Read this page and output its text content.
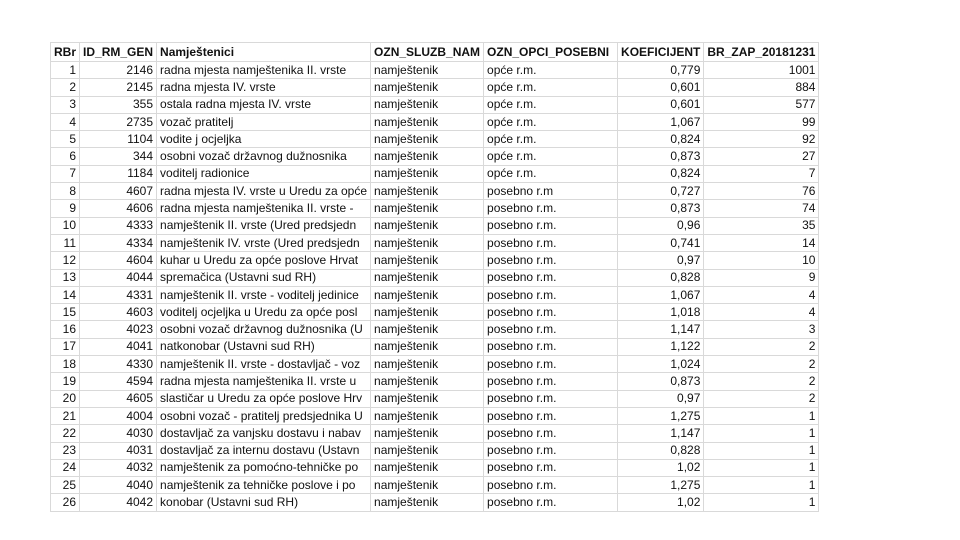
RBr	ID_RM_GEN	Namještenici	OZN_SLUZB_NAM	OZN_OPCI_POSEBNI	KOEFICIJENT	BR_ZAP_20181231
1	2146	radna mjesta namještenika II. vrste	namještenik	opće r.m.	0,779	1001
2	2145	radna mjesta IV. vrste	namještenik	opće r.m.	0,601	884
3	355	ostala radna mjesta IV. vrste	namještenik	opće r.m.	0,601	577
4	2735	vozač pratitelj	namještenik	opće r.m.	1,067	99
5	1104	vodite j ocjeljka	namještenik	opće r.m.	0,824	92
6	344	osobni vozač državnog dužnosnika	namještenik	opće r.m.	0,873	27
7	1184	voditelj radionice	namještenik	opće r.m.	0,824	7
8	4607	radna mjesta IV. vrste u Uredu za opće	namještenik	posebno r.m	0,727	76
9	4606	radna mjesta namještenika II. vrste -	namještenik	posebno r.m.	0,873	74
10	4333	namještenik II. vrste (Ured predsjedn	namještenik	posebno r.m.	0,96	35
11	4334	namještenik IV. vrste (Ured predsjedn	namještenik	posebno r.m.	0,741	14
12	4604	kuhar u Uredu za opće poslove Hrvat	namještenik	posebno r.m.	0,97	10
13	4044	spremačica (Ustavni sud RH)	namještenik	posebno r.m.	0,828	9
14	4331	namještenik II. vrste - voditelj jedinice	namještenik	posebno r.m.	1,067	4
15	4603	voditelj ocjeljka u Uredu za opće posl	namještenik	posebno r.m.	1,018	4
16	4023	osobni vozač državnog dužnosnika (U	namještenik	posebno r.m.	1,147	3
17	4041	natkonobar (Ustavni sud RH)	namještenik	posebno r.m.	1,122	2
18	4330	namještenik II. vrste - dostavljač - voz	namještenik	posebno r.m.	1,024	2
19	4594	radna mjesta namještenika II. vrste u	namještenik	posebno r.m.	0,873	2
20	4605	slastičar u Uredu za opće poslove Hrv	namještenik	posebno r.m.	0,97	2
21	4004	osobni vozač - pratitelj predsjednika U	namještenik	posebno r.m.	1,275	1
22	4030	dostavljač za vanjsku dostavu i nabav	namještenik	posebno r.m.	1,147	1
23	4031	dostavljač za internu dostavu (Ustavn	namještenik	posebno r.m.	0,828	1
24	4032	namještenik za pomoćno-tehničke po	namještenik	posebno r.m.	1,02	1
25	4040	namještenik za tehničke poslove i po	namještenik	posebno r.m.	1,275	1
26	4042	konobar (Ustavni sud RH)	namještenik	posebno r.m.	1,02	1
